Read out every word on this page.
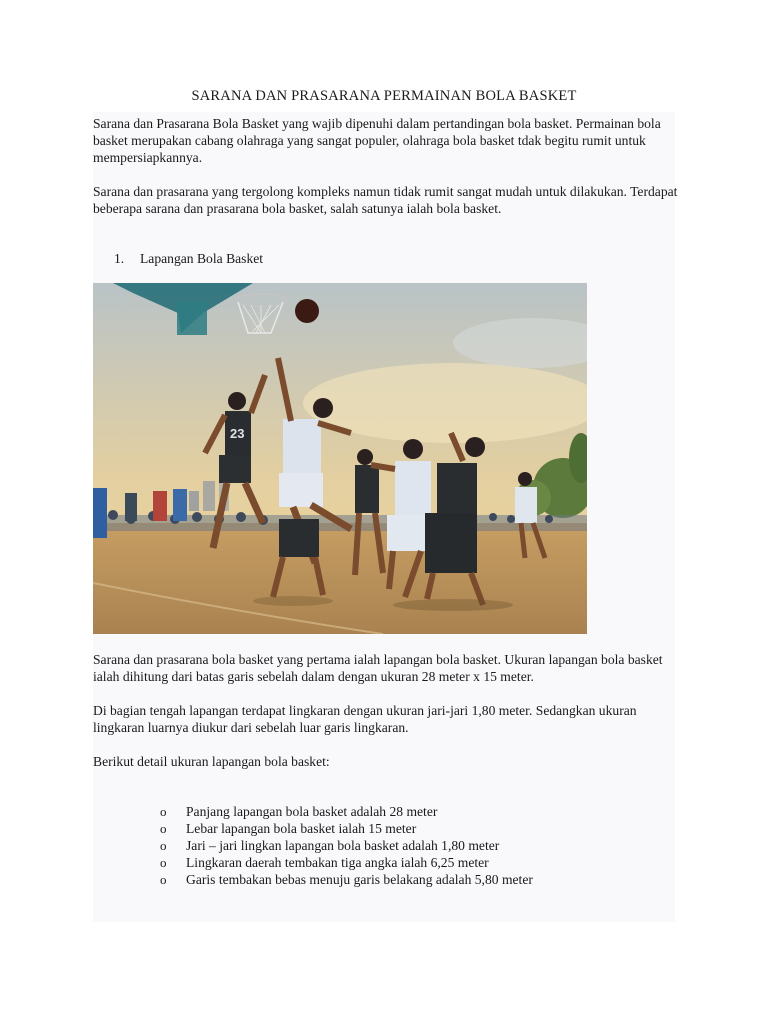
SARANA DAN PRASARANA PERMAINAN BOLA BASKET
Sarana dan Prasarana Bola Basket yang wajib dipenuhi dalam pertandingan bola basket. Permainan bola basket merupakan cabang olahraga yang sangat populer, olahraga bola basket tdak begitu rumit untuk mempersiapkannya.
Sarana dan prasarana yang tergolong kompleks namun tidak rumit sangat mudah untuk dilakukan. Terdapat beberapa sarana dan prasarana bola basket, salah satunya ialah bola basket.
1. Lapangan Bola Basket
23
Sarana dan prasarana bola basket yang pertama ialah lapangan bola basket. Ukuran lapangan bola basket ialah dihitung dari batas garis sebelah dalam dengan ukuran 28 meter x 15 meter.
Di bagian tengah lapangan terdapat lingkaran dengan ukuran jari-jari 1,80 meter. Sedangkan ukuran lingkaran luarnya diukur dari sebelah luar garis lingkaran.
Berikut detail ukuran lapangan bola basket:
o Panjang lapangan bola basket adalah 28 meter
o Lebar lapangan bola basket ialah 15 meter
o Jari – jari lingkan lapangan bola basket adalah 1,80 meter
o Lingkaran daerah tembakan tiga angka ialah 6,25 meter
o Garis tembakan bebas menuju garis belakang adalah 5,80 meter
